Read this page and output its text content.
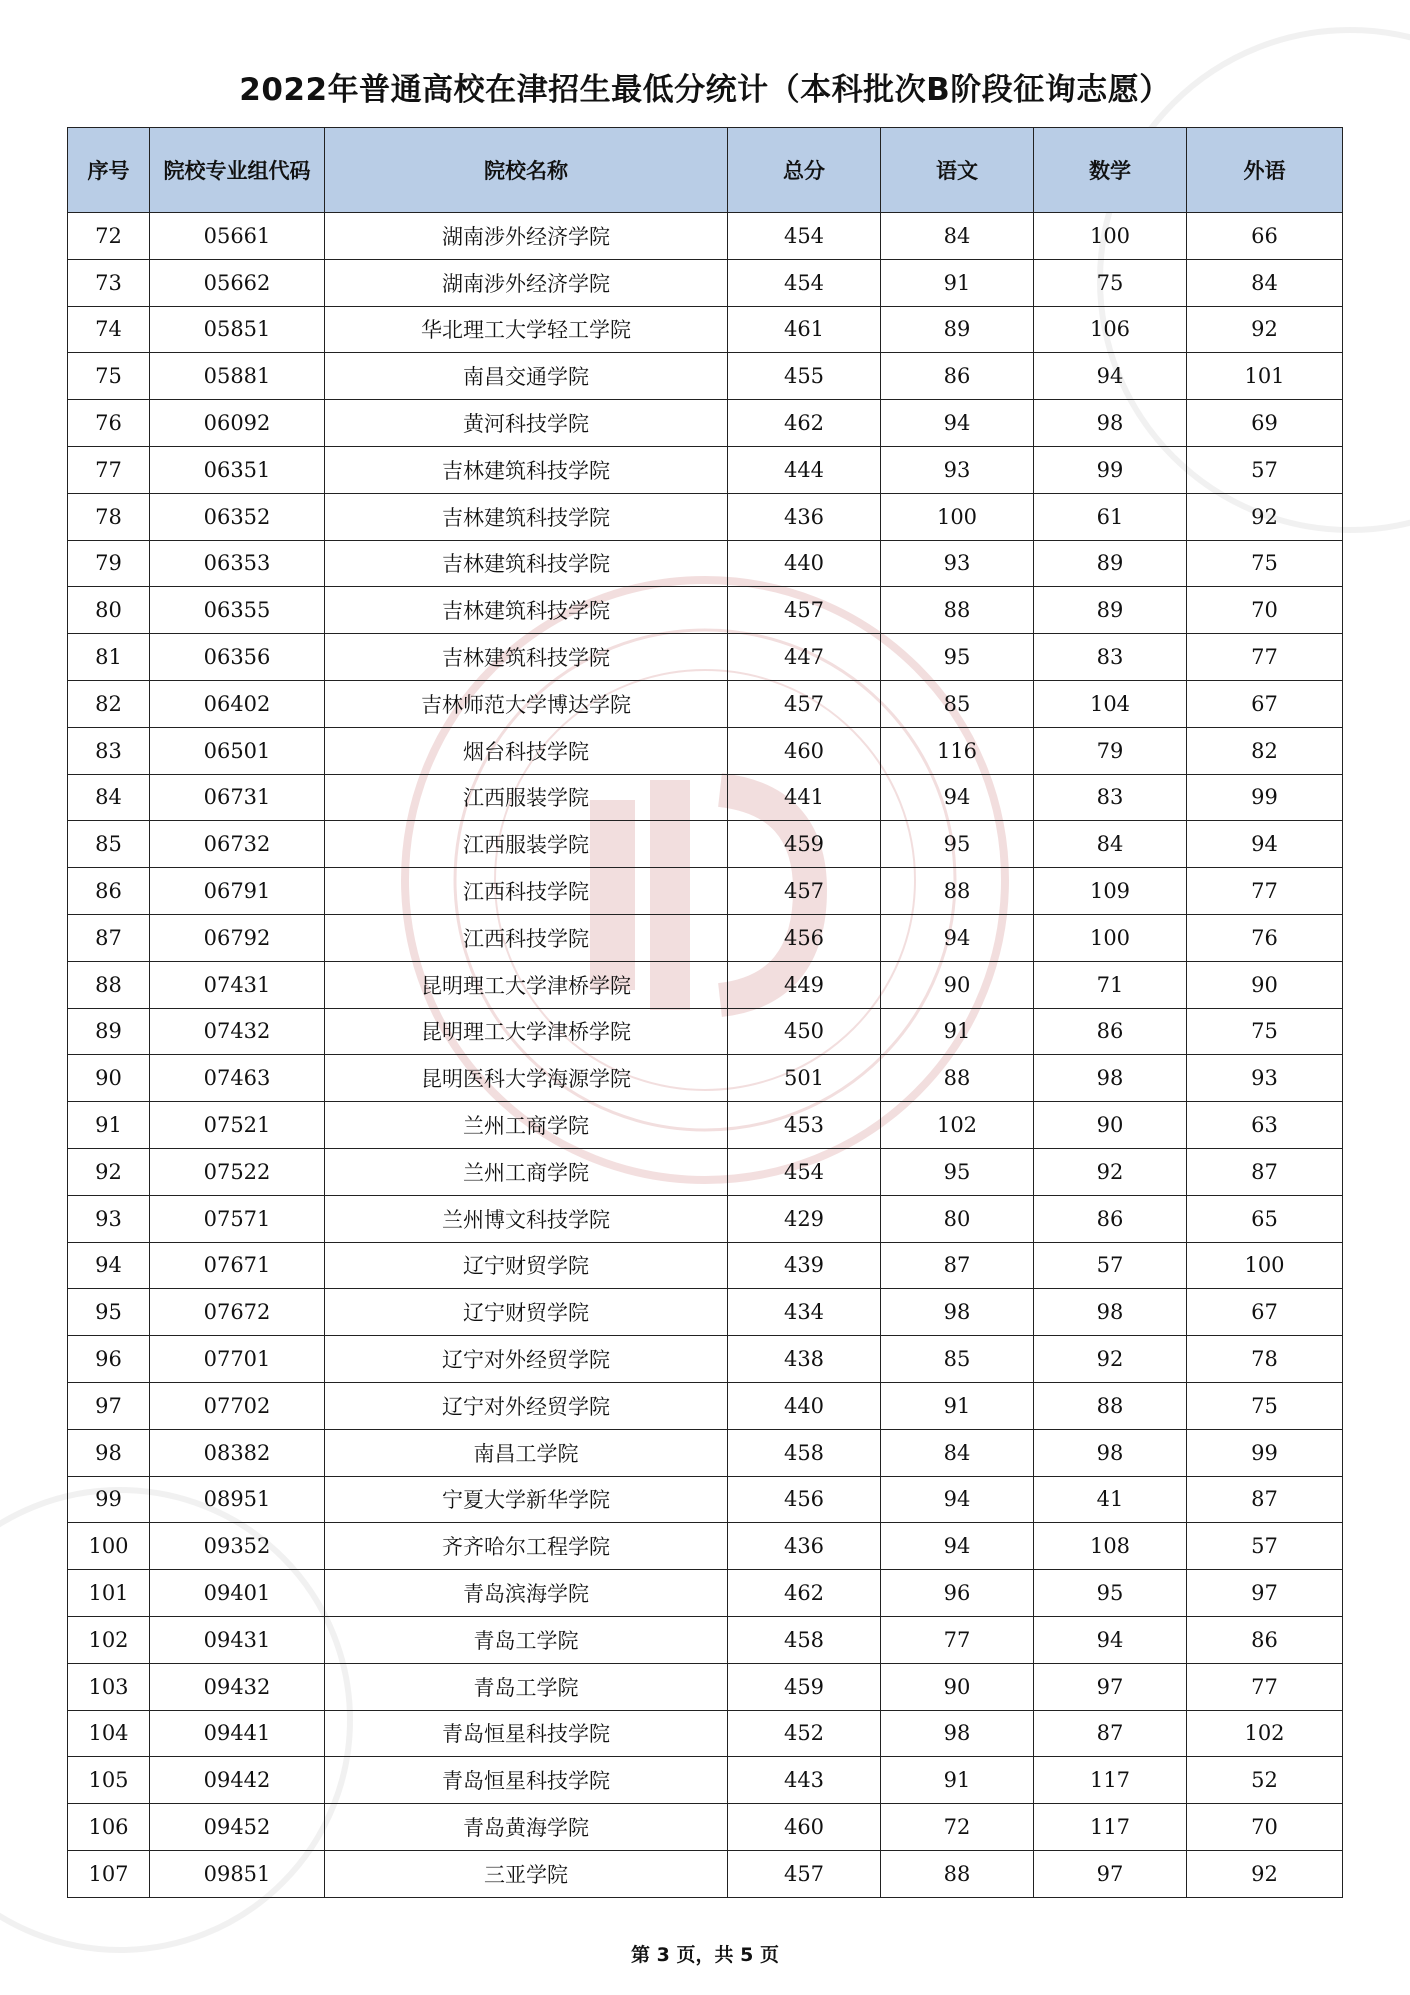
2022年普通高校在津招生最低分统计（本科批次B阶段征询志愿）
序号	院校专业组代码	院校名称	总分	语文	数学	外语
72	05661	湖南涉外经济学院	454	84	100	66
73	05662	湖南涉外经济学院	454	91	75	84
74	05851	华北理工大学轻工学院	461	89	106	92
75	05881	南昌交通学院	455	86	94	101
76	06092	黄河科技学院	462	94	98	69
77	06351	吉林建筑科技学院	444	93	99	57
78	06352	吉林建筑科技学院	436	100	61	92
79	06353	吉林建筑科技学院	440	93	89	75
80	06355	吉林建筑科技学院	457	88	89	70
81	06356	吉林建筑科技学院	447	95	83	77
82	06402	吉林师范大学博达学院	457	85	104	67
83	06501	烟台科技学院	460	116	79	82
84	06731	江西服装学院	441	94	83	99
85	06732	江西服装学院	459	95	84	94
86	06791	江西科技学院	457	88	109	77
87	06792	江西科技学院	456	94	100	76
88	07431	昆明理工大学津桥学院	449	90	71	90
89	07432	昆明理工大学津桥学院	450	91	86	75
90	07463	昆明医科大学海源学院	501	88	98	93
91	07521	兰州工商学院	453	102	90	63
92	07522	兰州工商学院	454	95	92	87
93	07571	兰州博文科技学院	429	80	86	65
94	07671	辽宁财贸学院	439	87	57	100
95	07672	辽宁财贸学院	434	98	98	67
96	07701	辽宁对外经贸学院	438	85	92	78
97	07702	辽宁对外经贸学院	440	91	88	75
98	08382	南昌工学院	458	84	98	99
99	08951	宁夏大学新华学院	456	94	41	87
100	09352	齐齐哈尔工程学院	436	94	108	57
101	09401	青岛滨海学院	462	96	95	97
102	09431	青岛工学院	458	77	94	86
103	09432	青岛工学院	459	90	97	77
104	09441	青岛恒星科技学院	452	98	87	102
105	09442	青岛恒星科技学院	443	91	117	52
106	09452	青岛黄海学院	460	72	117	70
107	09851	三亚学院	457	88	97	92
第 3 页，共 5 页
